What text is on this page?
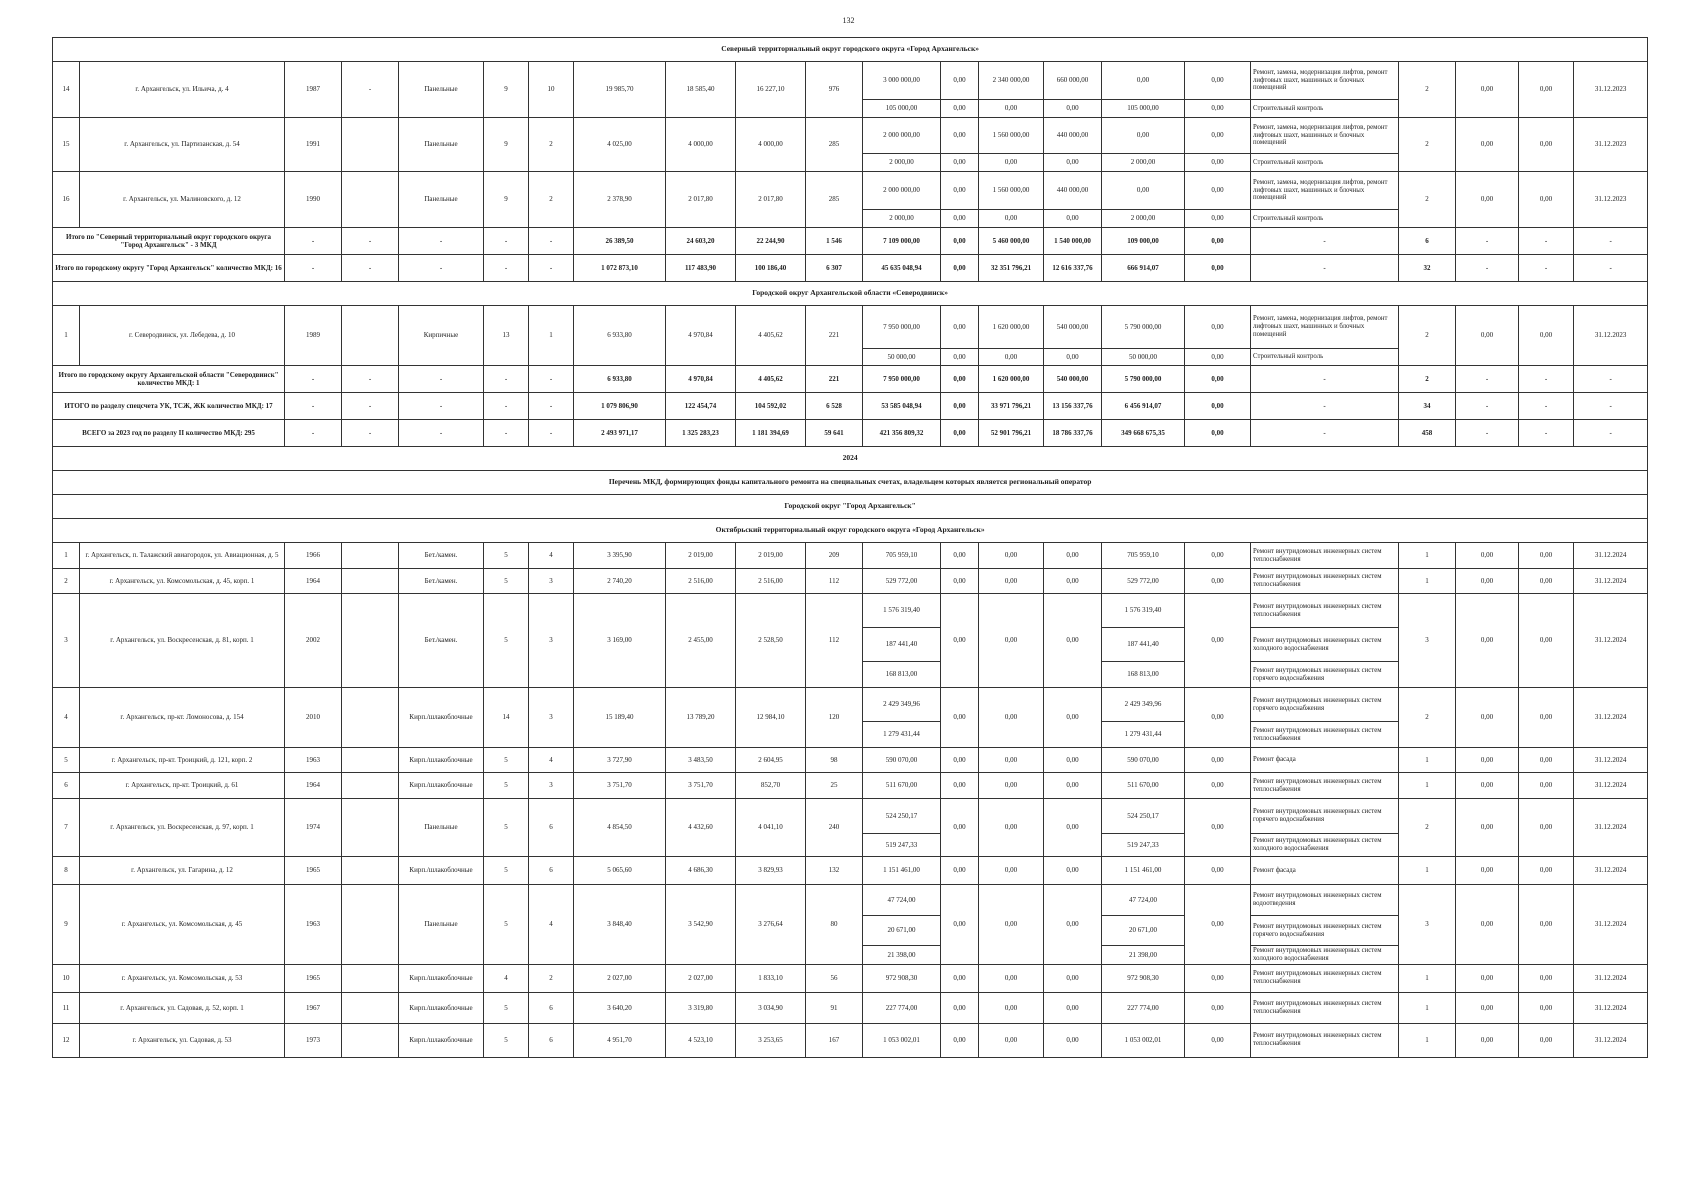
132
Северный территориальный округ городского округа «Город Архангельск»																					
14	г. Архангельск, ул. Ильича, д. 4	1987	-	Панельные	9	10	19 985,70	18 585,40	16 227,10	976	3 000 000,00	0,00	2 340 000,00	660 000,00	0,00	0,00	Ремонт, замена, модернизация лифтов, ремонт лифтовых шахт, машинных и блочных помещений	2	0,00	0,00	31.12.2023
											105 000,00	0,00	0,00	0,00	105 000,00	0,00	Строительный контроль				
15	г. Архангельск, ул. Партизанская, д. 54	1991		Панельные	9	2	4 025,00	4 000,00	4 000,00	285	2 000 000,00	0,00	1 560 000,00	440 000,00	0,00	0,00	Ремонт, замена, модернизация лифтов, ремонт лифтовых шахт, машинных и блочных помещений	2	0,00	0,00	31.12.2023
											2 000,00	0,00	0,00	0,00	2 000,00	0,00	Строительный контроль				
16	г. Архангельск, ул. Малиновского, д. 12	1990		Панельные	9	2	2 378,90	2 017,80	2 017,80	285	2 000 000,00	0,00	1 560 000,00	440 000,00	0,00	0,00	Ремонт, замена, модернизация лифтов, ремонт лифтовых шахт, машинных и блочных помещений	2	0,00	0,00	31.12.2023
											2 000,00	0,00	0,00	0,00	2 000,00	0,00	Строительный контроль				
Итого по "Северный территориальный округ городского округа "Город Архангельск" - 3 МКД		-	-	-	-	-	26 389,50	24 603,20	22 244,90	1 546	7 109 000,00	0,00	5 460 000,00	1 540 000,00	109 000,00	0,00	-	6	-	-	-
Итого по городскому округу "Город Архангельск" количество МКД: 16		-	-	-	-	-	1 072 873,10	117 483,90	100 186,40	6 307	45 635 048,94	0,00	32 351 796,21	12 616 337,76	666 914,07	0,00	-	32	-	-	-
Городской округ Архангельской области «Северодвинск»																					
1	г. Северодвинск, ул. Лебедева, д. 10	1989		Кирпичные	13	1	6 933,80	4 970,84	4 405,62	221	7 950 000,00	0,00	1 620 000,00	540 000,00	5 790 000,00	0,00	Ремонт, замена, модернизация лифтов, ремонт лифтовых шахт, машинных и блочных помещений	2	0,00	0,00	31.12.2023
											50 000,00	0,00	0,00	0,00	50 000,00	0,00	Строительный контроль				
Итого по городскому округу Архангельской области "Северодвинск" количество МКД: 1		-	-	-	-	-	6 933,80	4 970,84	4 405,62	221	7 950 000,00	0,00	1 620 000,00	540 000,00	5 790 000,00	0,00	-	2	-	-	-
ИТОГО по разделу спецсчета УК, ТСЖ, ЖК количество МКД: 17		-	-	-	-	-	1 079 806,90	122 454,74	104 592,02	6 528	53 585 048,94	0,00	33 971 796,21	13 156 337,76	6 456 914,07	0,00	-	34	-	-	-
ВСЕГО за 2023 год по разделу II количество МКД: 295		-	-	-	-	-	2 493 971,17	1 325 283,23	1 181 394,69	59 641	421 356 809,32	0,00	52 901 796,21	18 786 337,76	349 668 675,35	0,00	-	458	-	-	-
2024																					
Перечень МКД, формирующих фонды капитального ремонта на специальных счетах, владельцем которых является региональный оператор																					
Городской округ "Город Архангельск"																					
Октябрьский территориальный округ городского округа «Город Архангельск»																					
1	г. Архангельск, п. Талажский авиагородок, ул. Авиационная, д. 5	1966		Бет./камен.	5	4	3 395,90	2 019,00	2 019,00	209	705 959,10	0,00	0,00	0,00	705 959,10	0,00	Ремонт внутридомовых инженерных систем теплоснабжения	1	0,00	0,00	31.12.2024
2	г. Архангельск, ул. Комсомольская, д. 45, корп. 1	1964		Бет./камен.	5	3	2 740,20	2 516,00	2 516,00	112	529 772,00	0,00	0,00	0,00	529 772,00	0,00	Ремонт внутридомовых инженерных систем теплоснабжения	1	0,00	0,00	31.12.2024
3	г. Архангельск, ул. Воскресенская, д. 81, корп. 1	2002		Бет./камен.	5	3	3 169,00	2 455,00	2 528,50	112	1 576 319,40	0,00	0,00	0,00	1 576 319,40	0,00	Ремонт внутридомовых инженерных систем теплоснабжения	3	0,00	0,00	31.12.2024
											187 441,40				187 441,40		Ремонт внутридомовых инженерных систем холодного водоснабжения				
											168 813,00				168 813,00		Ремонт внутридомовых инженерных систем горячего водоснабжения				
4	г. Архангельск, пр-кт. Ломоносова, д. 154	2010		Кирп./шлакоблочные	14	3	15 189,40	13 789,20	12 984,10	120	2 429 349,96	0,00	0,00	0,00	2 429 349,96	0,00	Ремонт внутридомовых инженерных систем горячего водоснабжения	2	0,00	0,00	31.12.2024
											1 279 431,44				1 279 431,44		Ремонт внутридомовых инженерных систем теплоснабжения				
5	г. Архангельск, пр-кт. Троицкий, д. 121, корп. 2	1963		Кирп./шлакоблочные	5	4	3 727,90	3 483,50	2 604,95	98	590 070,00	0,00	0,00	0,00	590 070,00	0,00	Ремонт фасада	1	0,00	0,00	31.12.2024
6	г. Архангельск, пр-кт. Троицкий, д. 61	1964		Кирп./шлакоблочные	5	3	3 751,70	3 751,70	852,70	25	511 670,00	0,00	0,00	0,00	511 670,00	0,00	Ремонт внутридомовых инженерных систем теплоснабжения	1	0,00	0,00	31.12.2024
7	г. Архангельск, ул. Воскресенская, д. 97, корп. 1	1974		Панельные	5	6	4 854,50	4 432,60	4 041,10	240	524 250,17	0,00	0,00	0,00	524 250,17	0,00	Ремонт внутридомовых инженерных систем горячего водоснабжения	2	0,00	0,00	31.12.2024
											519 247,33				519 247,33		Ремонт внутридомовых инженерных систем холодного водоснабжения				
8	г. Архангельск, ул. Гагарина, д. 12	1965		Кирп./шлакоблочные	5	6	5 065,60	4 686,30	3 829,93	132	1 151 461,00	0,00	0,00	0,00	1 151 461,00	0,00	Ремонт фасада	1	0,00	0,00	31.12.2024
9	г. Архангельск, ул. Комсомольская, д. 45	1963		Панельные	5	4	3 848,40	3 542,90	3 276,64	80	47 724,00	0,00	0,00	0,00	47 724,00	0,00	Ремонт внутридомовых инженерных систем водоотведения	3	0,00	0,00	31.12.2024
											20 671,00				20 671,00		Ремонт внутридомовых инженерных систем горячего водоснабжения				
											21 398,00				21 398,00		Ремонт внутридомовых инженерных систем холодного водоснабжения				
10	г. Архангельск, ул. Комсомольская, д. 53	1965		Кирп./шлакоблочные	4	2	2 027,00	2 027,00	1 833,10	56	972 908,30	0,00	0,00	0,00	972 908,30	0,00	Ремонт внутридомовых инженерных систем теплоснабжения	1	0,00	0,00	31.12.2024
11	г. Архангельск, ул. Садовая, д. 52, корп. 1	1967		Кирп./шлакоблочные	5	6	3 640,20	3 319,80	3 034,90	91	227 774,00	0,00	0,00	0,00	227 774,00	0,00	Ремонт внутридомовых инженерных систем теплоснабжения	1	0,00	0,00	31.12.2024
12	г. Архангельск, ул. Садовая, д. 53	1973		Кирп./шлакоблочные	5	6	4 951,70	4 523,10	3 253,65	167	1 053 002,01	0,00	0,00	0,00	1 053 002,01	0,00	Ремонт внутридомовых инженерных систем теплоснабжения	1	0,00	0,00	31.12.2024
